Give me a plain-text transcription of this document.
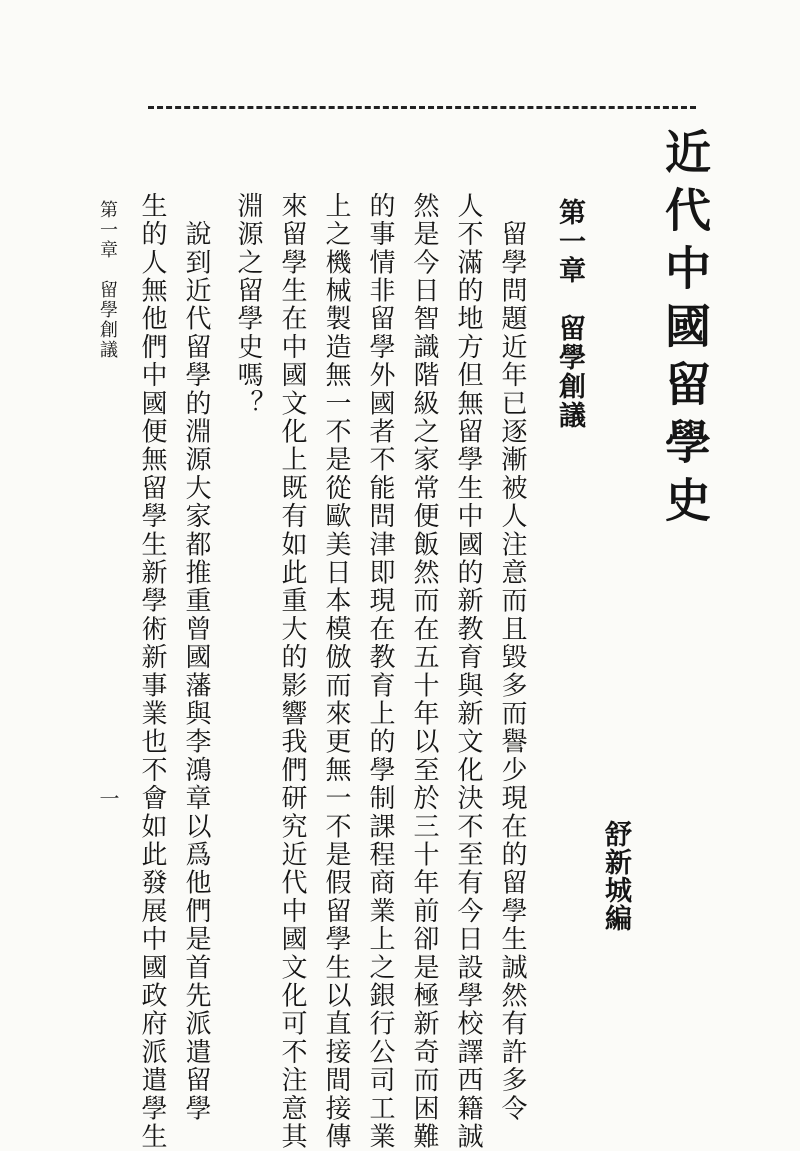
近代中國留學史

舒新城編

第一章　留學創議

　留學問題近年已逐漸被人注意而且毀多而譽少現在的留學生誠然有許多令

人不滿的地方但無留學生中國的新教育與新文化決不至有今日設學校譯西籍誠

然是今日智識階級之家常便飯然而在五十年以至於三十年前卻是極新奇而困難

的事情非留學外國者不能問津即現在教育上的學制課程商業上之銀行公司工業

上之機械製造無一不是從歐美日本模倣而來更無一不是假留學生以直接間接傳

來留學生在中國文化上既有如此重大的影響我們研究近代中國文化可不注意其

淵源之留學史嗎？

　說到近代留學的淵源大家都推重曾國藩與李鴻章以爲他們是首先派遣留學

生的人無他們中國便無留學生新學術新事業也不會如此發展中國政府派遣學生

第一章　留學創議

一
